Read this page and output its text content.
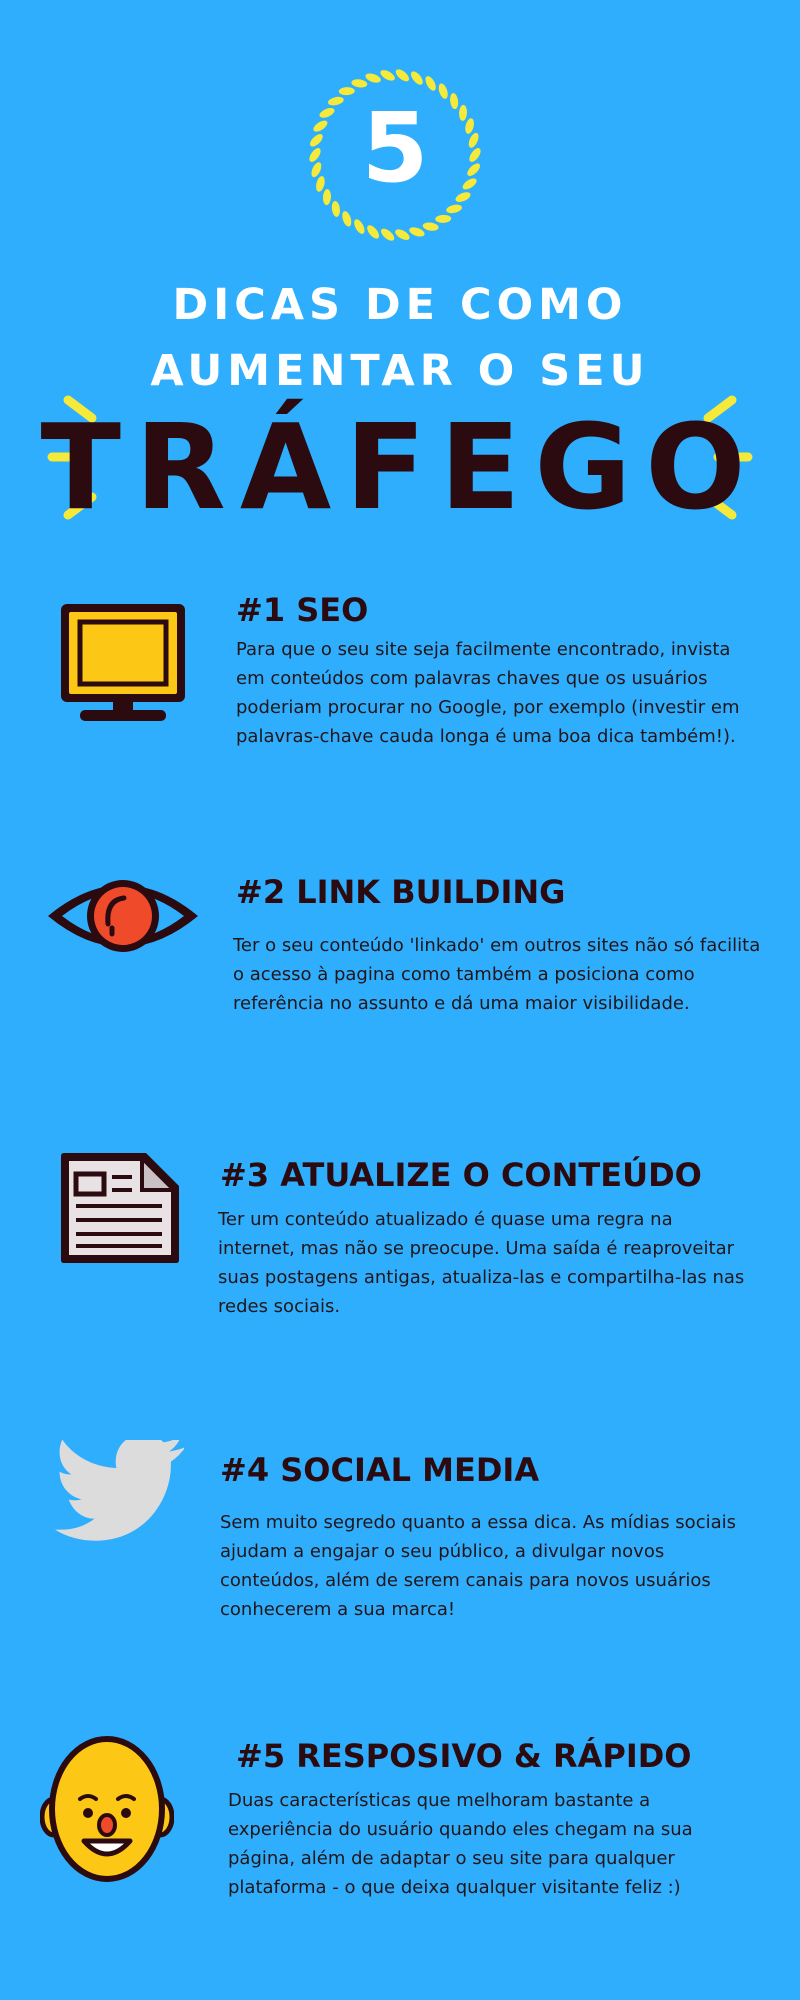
5
DICAS DE COMO
AUMENTAR O SEU
TRÁFEGO
#1 SEO
Para que o seu site seja facilmente encontrado, invista em conteúdos com palavras chaves que os usuários poderiam procurar no Google, por exemplo (investir em palavras-chave cauda longa é uma boa dica também!).
#2 LINK BUILDING
Ter o seu conteúdo 'linkado' em outros sites não só facilita o acesso à pagina como também a posiciona como referência no assunto e dá uma maior visibilidade.
#3 ATUALIZE O CONTEÚDO
Ter um conteúdo atualizado é quase uma regra na internet, mas não se preocupe. Uma saída é reaproveitar suas postagens antigas, atualiza-las e compartilha-las nas redes sociais.
#4 SOCIAL MEDIA
Sem muito segredo quanto a essa dica. As mídias sociais ajudam a engajar o seu público, a divulgar novos conteúdos, além de serem canais para novos usuários conhecerem a sua marca!
#5 RESPOSIVO & RÁPIDO
Duas características que melhoram bastante a experiência do usuário quando eles chegam na sua página, além de adaptar o seu site para qualquer plataforma - o que deixa qualquer visitante feliz :)
